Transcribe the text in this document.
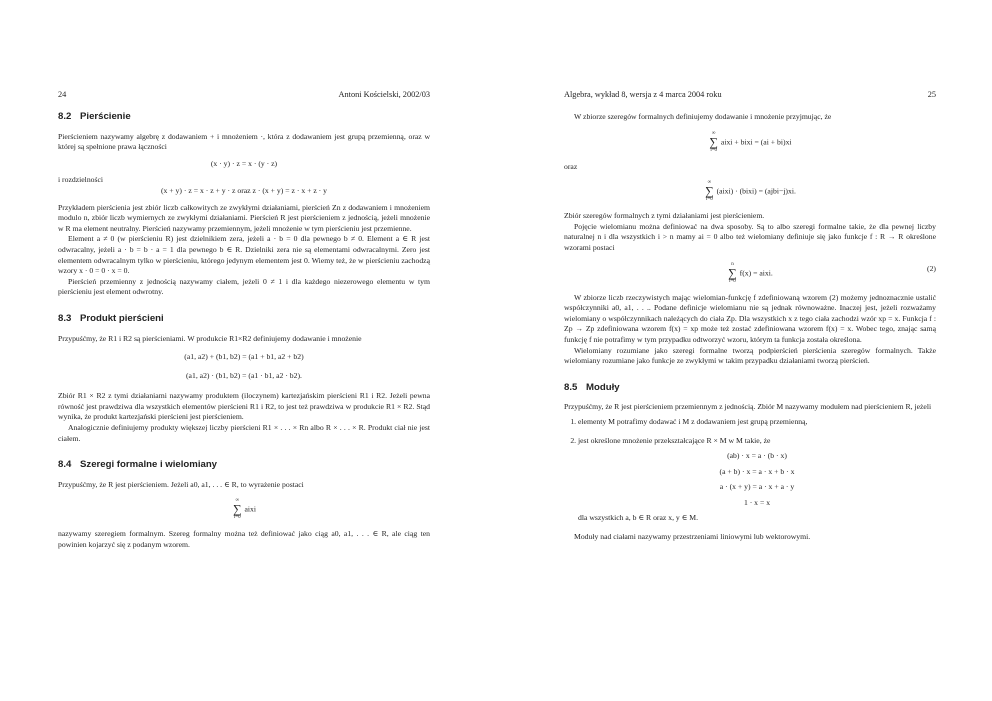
24	Antoni Kościelski, 2002/03
8.2 Pierścienie

Pierścieniem nazywamy algebrę z dodawaniem + i mnożeniem ·, która z dodawaniem jest grupą przemienną, oraz w której są spełnione prawa łączności

(x · y) · z = x · (y · z)

i rozdzielności

(x + y) · z = x · z + y · z oraz z · (x + y) = z · x + z · y

Przykładem pierścienia jest zbiór liczb całkowitych ze zwykłymi działaniami, pierścień Zn z dodawaniem i mnożeniem modulo n, zbiór liczb wymiernych ze zwykłymi działaniami. Pierścień R jest pierścieniem z jednością, jeżeli mnożenie w R ma element neutralny. Pierścień nazywamy przemiennym, jeżeli mnożenie w tym pierścieniu jest przemienne.

Element a ≠ 0 (w pierścieniu R) jest dzielnikiem zera, jeżeli a · b = 0 dla pewnego b ≠ 0. Element a ∈ R jest odwracalny, jeżeli a · b = b · a = 1 dla pewnego b ∈ R. Dzielniki zera nie są elementami odwracalnymi. Zero jest elementem odwracalnym tylko w pierścieniu, którego jedynym elementem jest 0. Wiemy też, że w pierścieniu zachodzą wzory x · 0 = 0 · x = 0.

Pierścień przemienny z jednością nazywamy ciałem, jeżeli 0 ≠ 1 i dla każdego niezerowego elementu w tym pierścieniu jest element odwrotny.

8.3 Produkt pierścieni

Przypuśćmy, że R1 i R2 są pierścieniami. W produkcie R1×R2 definiujemy dodawanie i mnożenie

(a1, a2) + (b1, b2) = (a1 + b1, a2 + b2)
(a1, a2) · (b1, b2) = (a1 · b1, a2 · b2).

Zbiór R1 × R2 z tymi działaniami nazywamy produktem (iloczynem) kartezjańskim pierścieni R1 i R2. Jeżeli pewna równość jest prawdziwa dla wszystkich elementów pierścieni R1 i R2, to jest też prawdziwa w produkcie R1 × R2. Stąd wynika, że produkt kartezjański pierścieni jest pierścieniem.

Analogicznie definiujemy produkty większej liczby pierścieni R1 × . . . × Rn albo R × . . . × R. Produkt ciał nie jest ciałem.

8.4 Szeregi formalne i wielomiany

Przypuśćmy, że R jest pierścieniem. Jeżeli a0, a1, . . . ∈ R, to wyrażenie postaci

∞
∑
i=0
aixi

nazywamy szeregiem formalnym. Szereg formalny można też definiować jako ciąg a0, a1, . . . ∈ R, ale ciąg ten powinien kojarzyć się z podanym wzorem.

Algebra, wykład 8, wersja z 4 marca 2004 roku	25

W zbiorze szeregów formalnych definiujemy dodawanie i mnożenie przyjmując, że

∞
∑
i=0
aixi + bixi = (ai + bi)xi

oraz

∞
∑
i=0
(aixi) · (bixi) = (ajbi−j)xi.

Zbiór szeregów formalnych z tymi działaniami jest pierścieniem.

Pojęcie wielomianu można definiować na dwa sposoby. Są to albo szeregi formalne takie, że dla pewnej liczby naturalnej n i dla wszystkich i > n mamy ai = 0 albo też wielomiany definiuje się jako funkcje f : R → R określone wzorami postaci

n
∑
i=0
f(x) = aixi.	(2)

W zbiorze liczb rzeczywistych mając wielomian-funkcję f zdefiniowaną wzorem (2) możemy jednoznacznie ustalić współczynniki a0, a1, . . .. Podane definicje wielomianu nie są jednak równoważne. Inaczej jest, jeżeli rozważamy wielomiany o współczynnikach należących do ciała Zp. Dla wszystkich x z tego ciała zachodzi wzór xp = x. Funkcja f : Zp → Zp zdefiniowana wzorem f(x) = xp może też zostać zdefiniowana wzorem f(x) = x. Wobec tego, znając samą funkcję f nie potrafimy w tym przypadku odtworzyć wzoru, którym ta funkcja została określona.

Wielomiany rozumiane jako szeregi formalne tworzą podpierścień pierścienia szeregów formalnych. Także wielomiany rozumiane jako funkcje ze zwykłymi w takim przypadku działaniami tworzą pierścień.

8.5 Moduły

Przypuśćmy, że R jest pierścieniem przemiennym z jednością. Zbiór M nazywamy modułem nad pierścieniem R, jeżeli

1. elementy M potrafimy dodawać i M z dodawaniem jest grupą przemienną,
2. jest określone mnożenie przekształcające R × M w M takie, że
(ab) · x = a · (b · x)
(a + b) · x = a · x + b · x
a · (x + y) = a · x + a · y
1 · x = x
dla wszystkich a, b ∈ R oraz x, y ∈ M.

Moduły nad ciałami nazywamy przestrzeniami liniowymi lub wektorowymi.
